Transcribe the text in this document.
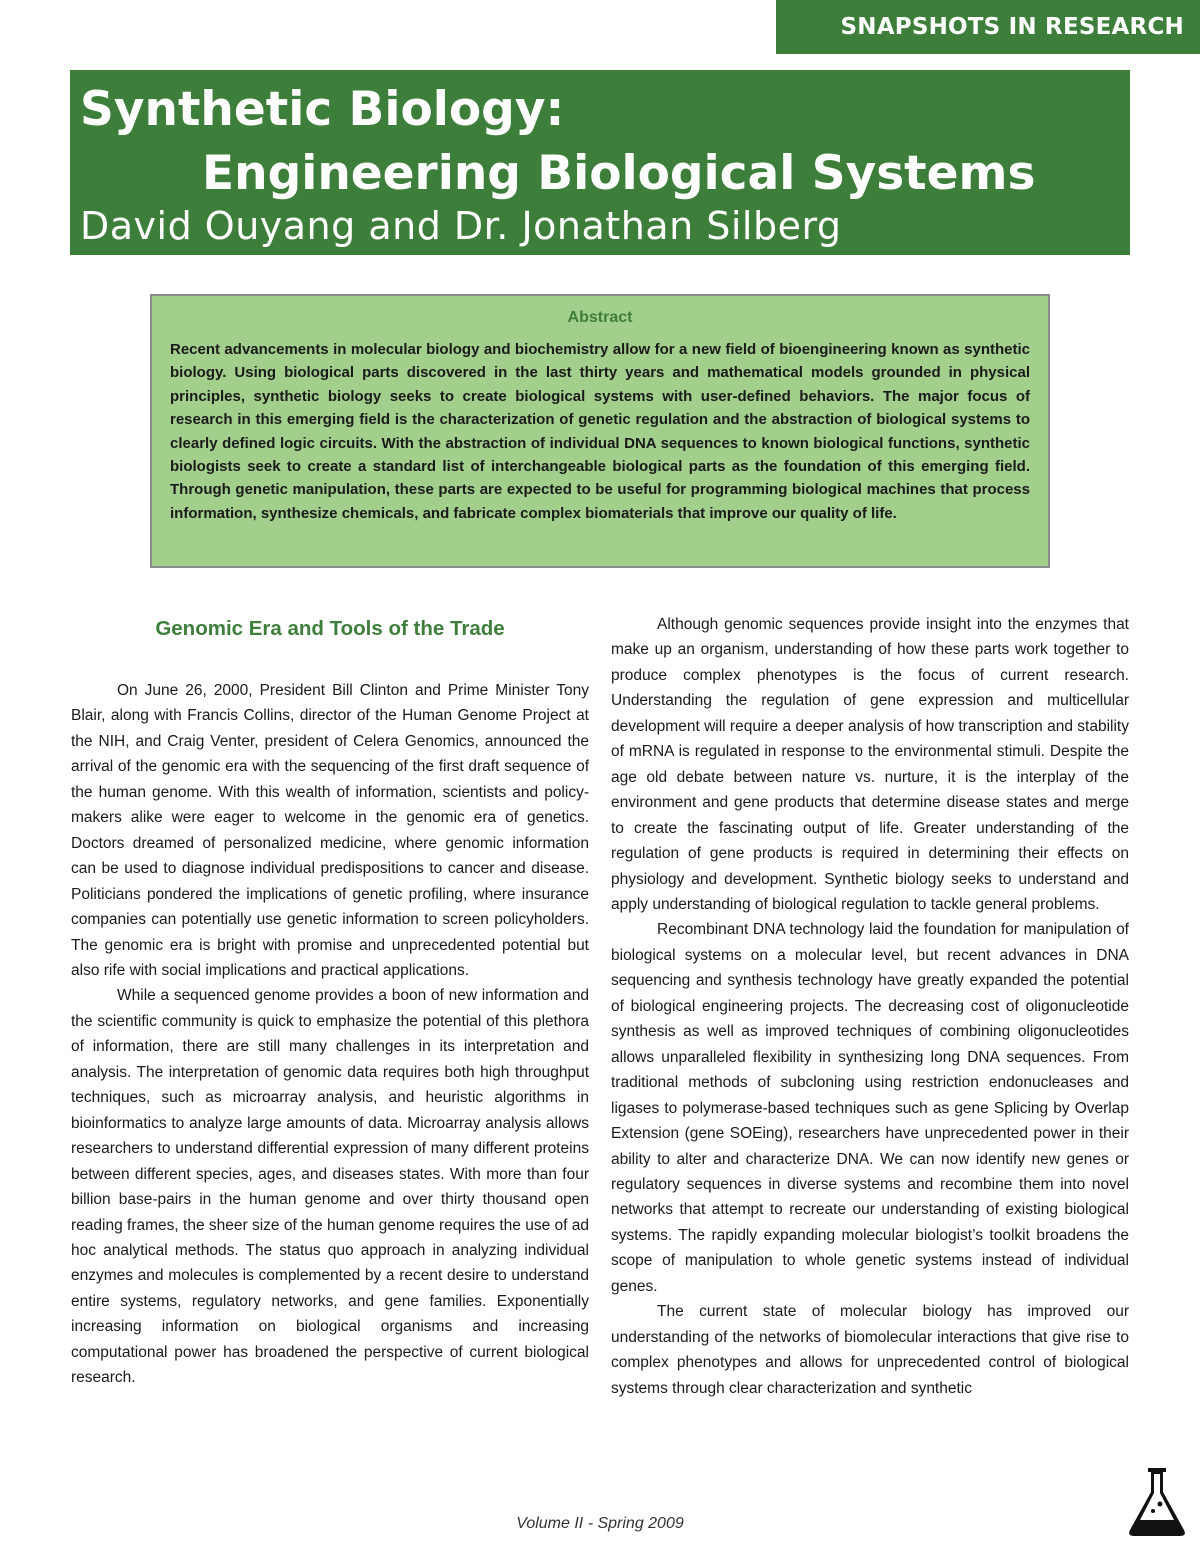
SNAPSHOTS IN RESEARCH
Synthetic Biology:
Engineering Biological Systems
David Ouyang and Dr. Jonathan Silberg
Abstract
Recent advancements in molecular biology and biochemistry allow for a new field of bioengineering known as synthetic biology. Using biological parts discovered in the last thirty years and mathematical models grounded in physical principles, synthetic biology seeks to create biological systems with user-defined behaviors. The major focus of research in this emerging field is the characterization of genetic regulation and the abstraction of biological systems to clearly defined logic circuits. With the abstraction of individual DNA sequences to known biological functions, synthetic biologists seek to create a standard list of interchangeable biological parts as the foundation of this emerging field. Through genetic manipulation, these parts are expected to be useful for programming biological machines that process information, synthesize chemicals, and fabricate complex biomaterials that improve our quality of life.
Genomic Era and Tools of the Trade

On June 26, 2000, President Bill Clinton and Prime Minister Tony Blair, along with Francis Collins, director of the Human Genome Project at the NIH, and Craig Venter, president of Celera Genomics, announced the arrival of the genomic era with the sequencing of the first draft sequence of the human genome. With this wealth of information, scientists and policy-makers alike were eager to welcome in the genomic era of genetics. Doctors dreamed of personalized medicine, where genomic information can be used to diagnose individual predispositions to cancer and disease. Politicians pondered the implications of genetic profiling, where insurance companies can potentially use genetic information to screen policyholders. The genomic era is bright with promise and unprecedented potential but also rife with social implications and practical applications.

While a sequenced genome provides a boon of new information and the scientific community is quick to emphasize the potential of this plethora of information, there are still many challenges in its interpretation and analysis. The interpretation of genomic data requires both high throughput techniques, such as microarray analysis, and heuristic algorithms in bioinformatics to analyze large amounts of data. Microarray analysis allows researchers to understand differential expression of many different proteins between different species, ages, and diseases states. With more than four billion base-pairs in the human genome and over thirty thousand open reading frames, the sheer size of the human genome requires the use of ad hoc analytical methods. The status quo approach in analyzing individual enzymes and molecules is complemented by a recent desire to understand entire systems, regulatory networks, and gene families. Exponentially increasing information on biological organisms and increasing computational power has broadened the perspective of current biological research.

Although genomic sequences provide insight into the enzymes that make up an organism, understanding of how these parts work together to produce complex phenotypes is the focus of current research. Understanding the regulation of gene expression and multicellular development will require a deeper analysis of how transcription and stability of mRNA is regulated in response to the environmental stimuli. Despite the age old debate between nature vs. nurture, it is the interplay of the environment and gene products that determine disease states and merge to create the fascinating output of life. Greater understanding of the regulation of gene products is required in determining their effects on physiology and development. Synthetic biology seeks to understand and apply understanding of biological regulation to tackle general problems.

Recombinant DNA technology laid the foundation for manipulation of biological systems on a molecular level, but recent advances in DNA sequencing and synthesis technology have greatly expanded the potential of biological engineering projects. The decreasing cost of oligonucleotide synthesis as well as improved techniques of combining oligonucleotides allows unparalleled flexibility in synthesizing long DNA sequences. From traditional methods of subcloning using restriction endonucleases and ligases to polymerase-based techniques such as gene Splicing by Overlap Extension (gene SOEing), researchers have unprecedented power in their ability to alter and characterize DNA. We can now identify new genes or regulatory sequences in diverse systems and recombine them into novel networks that attempt to recreate our understanding of existing biological systems. The rapidly expanding molecular biologist’s toolkit broadens the scope of manipulation to whole genetic systems instead of individual genes.

The current state of molecular biology has improved our understanding of the networks of biomolecular interactions that give rise to complex phenotypes and allows for unprecedented control of biological systems through clear characterization and synthetic

Volume II - Spring 2009
